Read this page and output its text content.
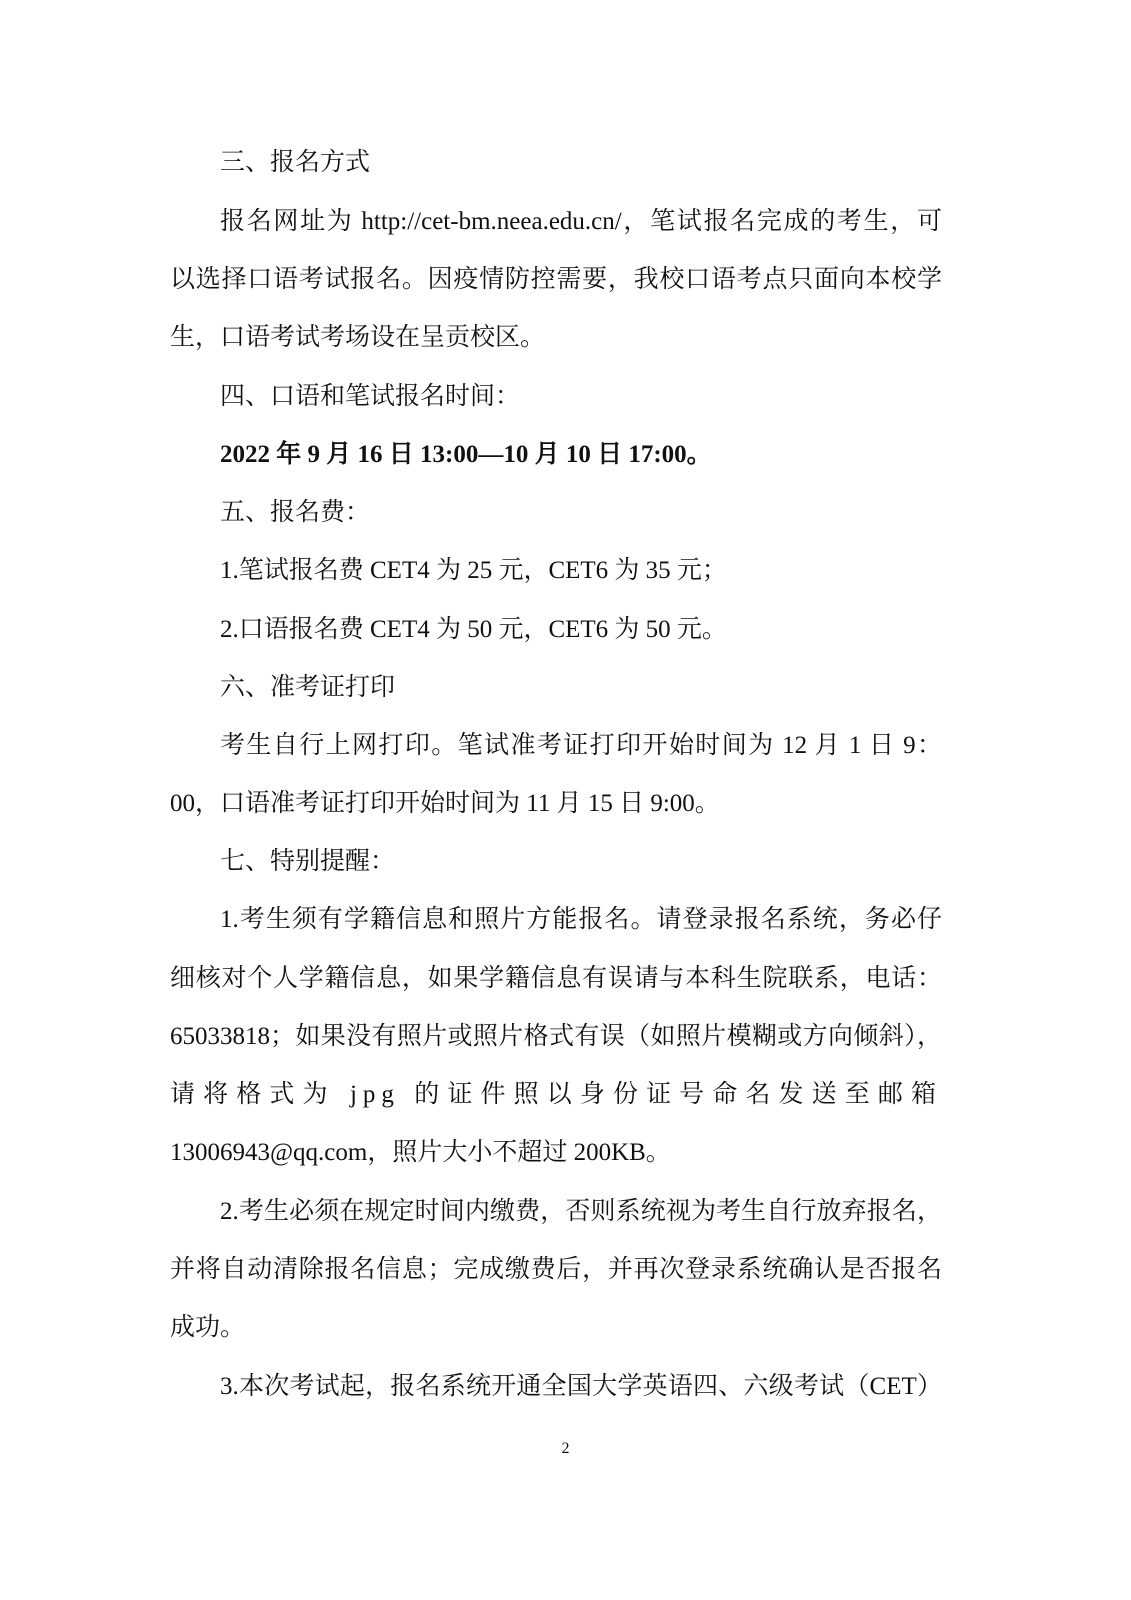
三、报名方式
报名网址为 http://cet-bm.neea.edu.cn/，笔试报名完成的考生，可
以选择口语考试报名。因疫情防控需要，我校口语考点只面向本校学
生，口语考试考场设在呈贡校区。
四、口语和笔试报名时间：
2022 年 9 月 16 日 13:00—10 月 10 日 17:00。
五、报名费：
1.笔试报名费 CET4 为 25 元，CET6 为 35 元；
2.口语报名费 CET4 为 50 元，CET6 为 50 元。
六、准考证打印
考生自行上网打印。笔试准考证打印开始时间为 12 月 1 日 9：
00，口语准考证打印开始时间为 11 月 15 日 9:00。
七、特别提醒：
1.考生须有学籍信息和照片方能报名。请登录报名系统，务必仔
细核对个人学籍信息，如果学籍信息有误请与本科生院联系，电话：
65033818；如果没有照片或照片格式有误（如照片模糊或方向倾斜），
请将格式为 jpg 的证件照以身份证号命名发送至邮箱
13006943@qq.com，照片大小不超过 200KB。
2.考生必须在规定时间内缴费，否则系统视为考生自行放弃报名，
并将自动清除报名信息；完成缴费后，并再次登录系统确认是否报名
成功。
3.本次考试起，报名系统开通全国大学英语四、六级考试（CET）
2
